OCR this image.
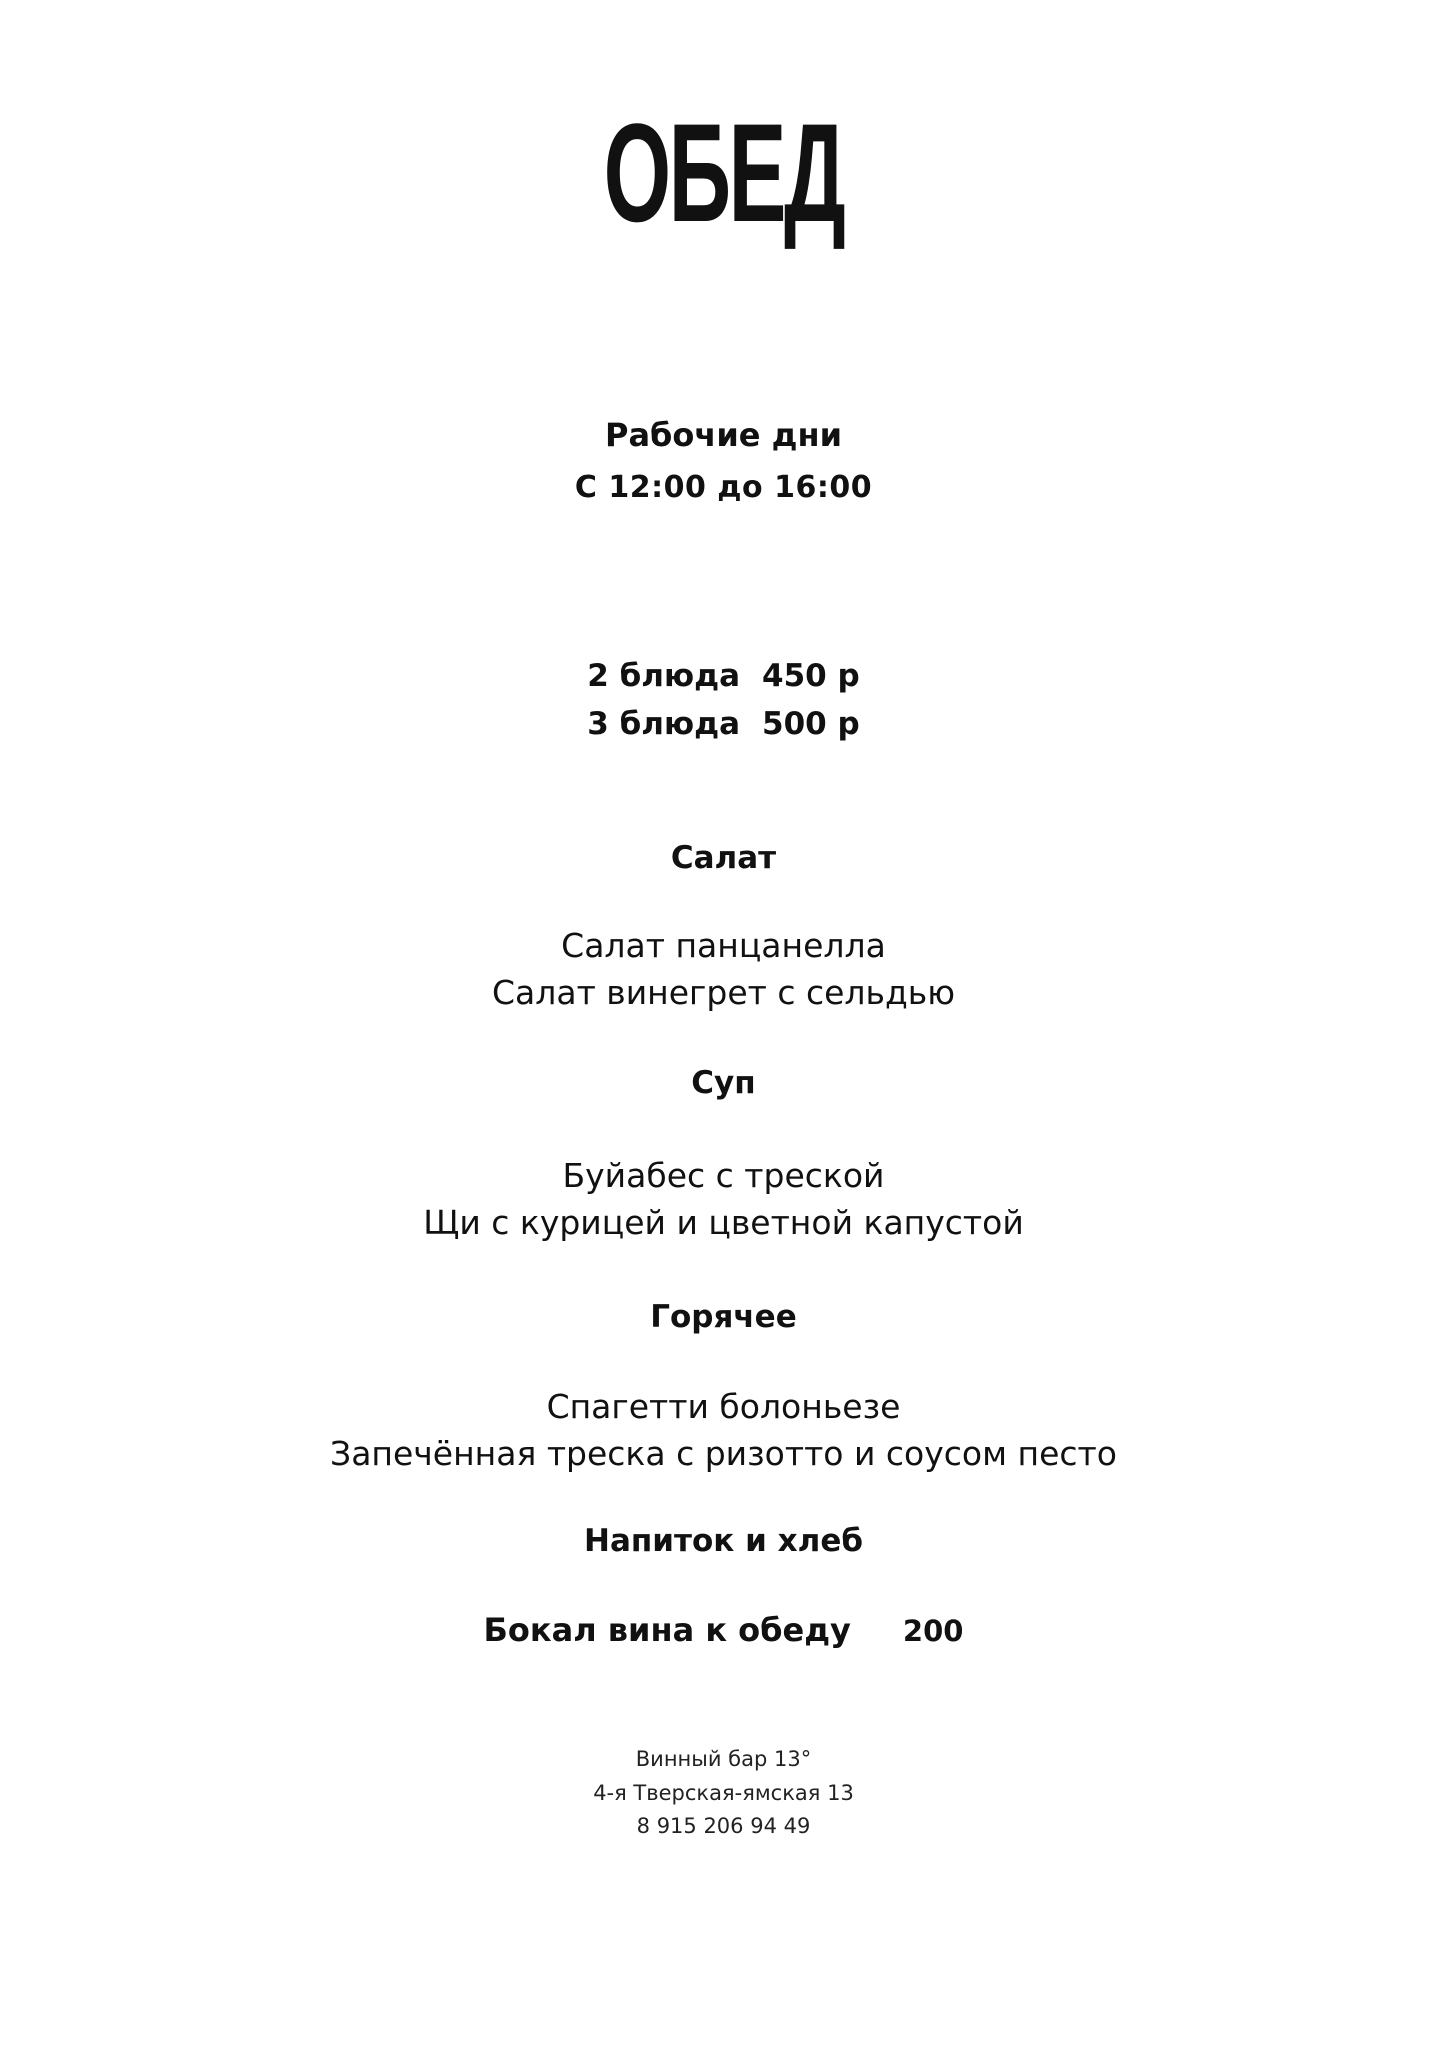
ОБЕД
Рабочие дни
С 12:00 до 16:00
2 блюда 450 р
3 блюда 500 р
Салат
Салат панцанелла
Салат винегрет с сельдью
Суп
Буйабес с треской
Щи с курицей и цветной капустой
Горячее
Спагетти болоньезе
Запечённая треска с ризотто и соусом песто
Напиток и хлеб
Бокал вина к обеду 200
Винный бар 13°
4-я Тверская-ямская 13
8 915 206 94 49
